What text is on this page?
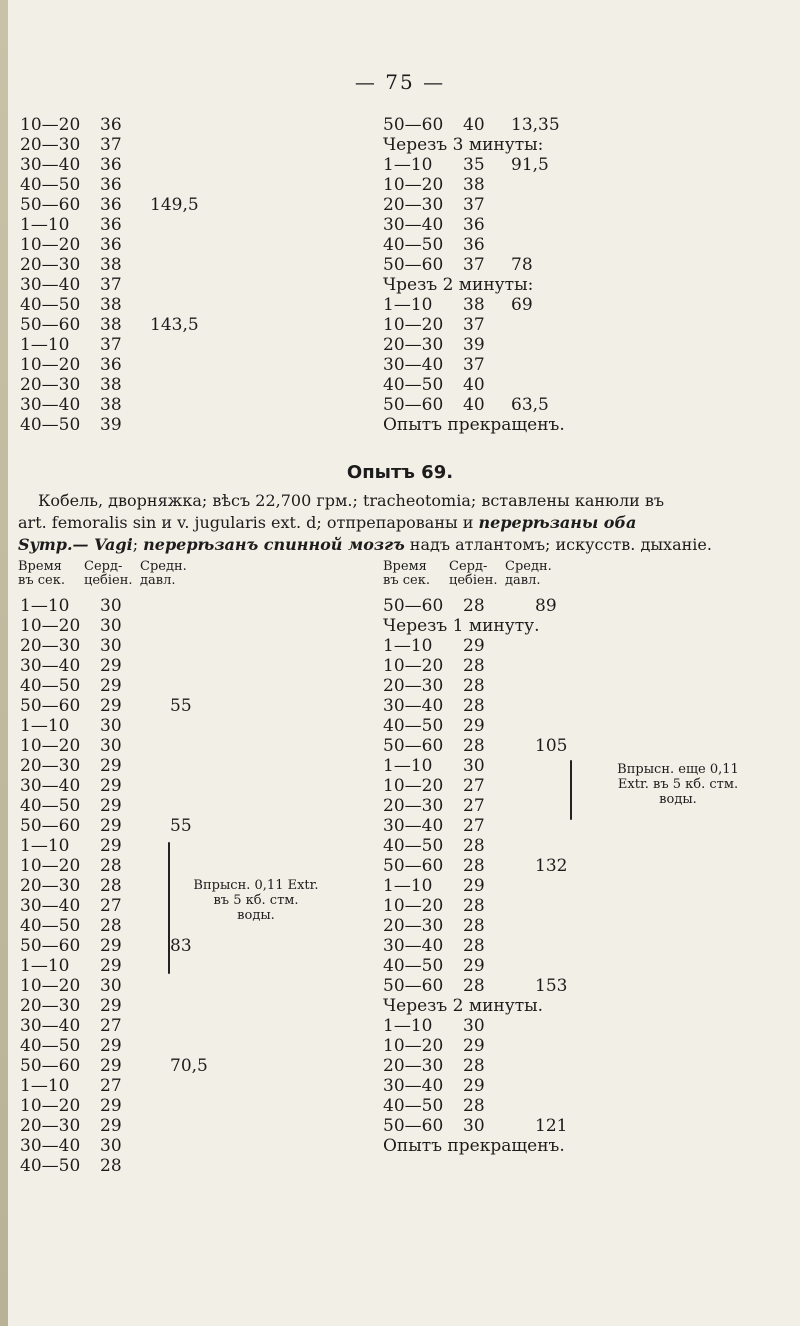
— 75 —
10—20 36
20—30 37
30—40 36
40—50 36
50—60 36 149,5
1—10 36
10—20 36
20—30 38
30—40 37
40—50 38
50—60 38 143,5
1—10 37
10—20 36
20—30 38
30—40 38
40—50 39
50—60 40 13,35
Черезъ 3 минуты:
1—10 35 91,5
10—20 38
20—30 37
30—40 36
40—50 36
50—60 37 78
Чрезъ 2 минуты:
1—10 38 69
10—20 37
20—30 39
30—40 37
40—50 40
50—60 40 63,5
Опытъ прекращенъ.
Опытъ 69.
Кобель, дворняжка; вѣсъ 22,700 грм.; tracheotomia; вставлены канюли въ
art. femoralis sin и v. jugularis ext. d; отпрепарованы и перерѣзаны оба
Symp.— Vagi; перерѣзанъ спинной мозгъ надъ атлантомъ; искусств. дыханіе.
Время Серд- Средн.
въ сек. цебіен. давл.
Время Серд- Средн.
въ сек. цебіен. давл.
1—10 30
10—20 30
20—30 30
30—40 29
40—50 29
50—60 29	55
1—10 30
10—20 30
20—30 29
30—40 29
40—50 29
50—60 29	55
1—10 29
10—20 28
20—30 28
30—40 27
40—50 28
50—60 29	83
1—10 29
10—20 30
20—30 29
30—40 27
40—50 29
50—60 29	70,5
1—10 27
10—20 29
20—30 29
30—40 30
40—50 28
50—60 28	89
Черезъ 1 минуту.
1—10 29
10—20 28
20—30 28
30—40 28
40—50 29
50—60 28	105
1—10 30
10—20 27
20—30 27
30—40 27
40—50 28
50—60 28	132
1—10 29
10—20 28
20—30 28
30—40 28
40—50 29
50—60 28	153
Черезъ 2 минуты.
1—10 30
10—20 29
20—30 28
30—40 29
40—50 28
50—60 30	121
Опытъ прекращенъ.
Впрысн. 0,11 Extr.
въ 5 кб. стм.
воды.
Впрысн. еще 0,11
Extr. въ 5 кб. стм.
воды.
